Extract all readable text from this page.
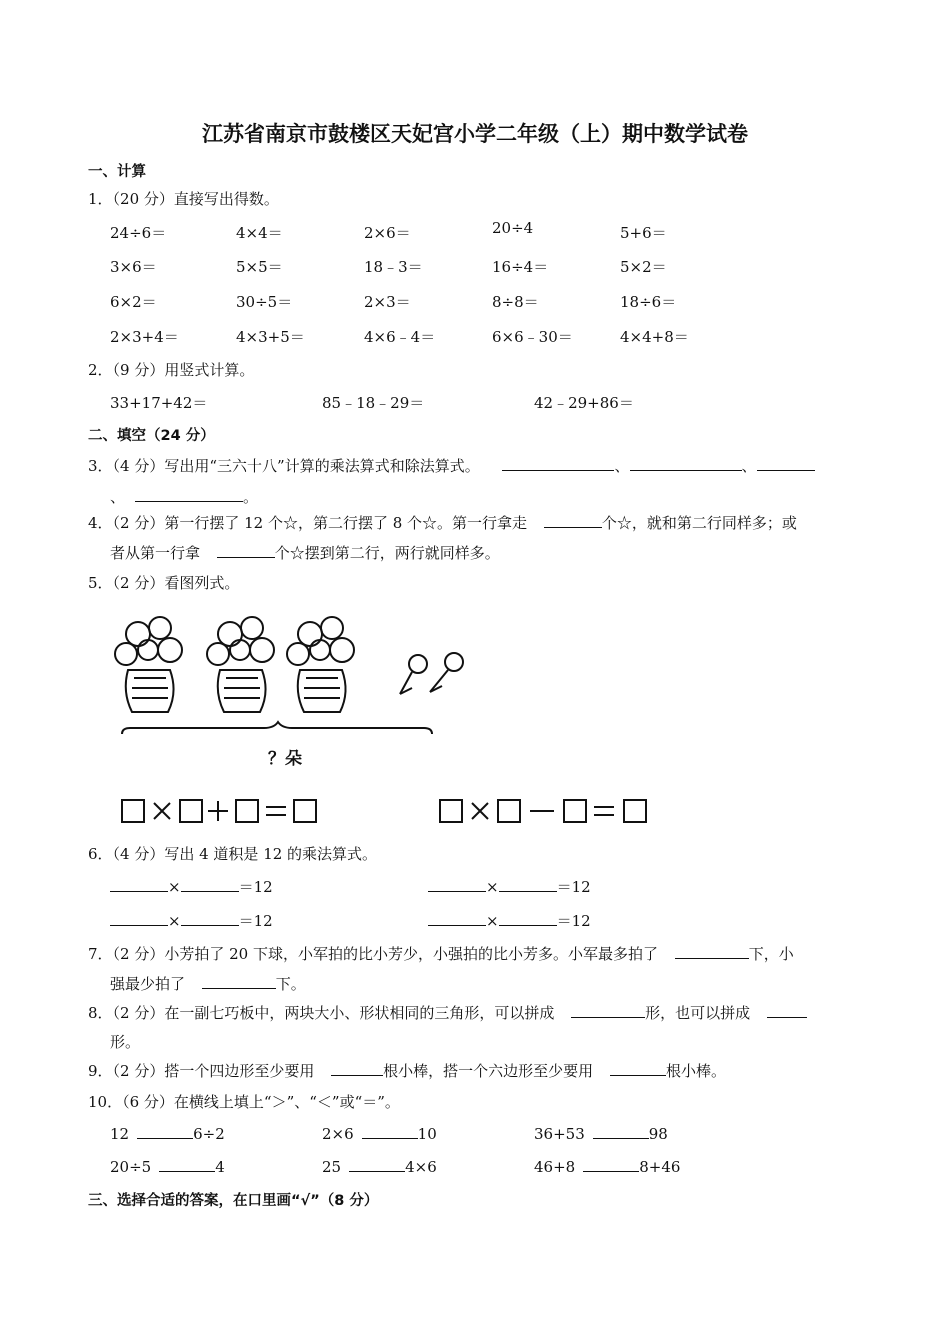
江苏省南京市鼓楼区天妃宫小学二年级（上）期中数学试卷
一、计算
1．（20 分）直接写出得数。
24÷6＝	4×4＝	2×6＝	20÷4	5+6＝
3×6＝	5×5＝	18﹣3＝	16÷4＝	5×2＝
6×2＝	30÷5＝	2×3＝	8÷8＝	18÷6＝
2×3+4＝	4×3+5＝	4×6﹣4＝	6×6﹣30＝	4×4+8＝
2．（9 分）用竖式计算。
33+17+42＝	85﹣18﹣29＝	42﹣29+86＝
二、填空（24 分）
3．（4 分）写出用“三六十八”计算的乘法算式和除法算式。	、	、
、	。
4．（2 分）第一行摆了 12 个☆，第二行摆了 8 个☆。第一行拿走	个☆，就和第二行同样多；或
者从第一行拿	个☆摆到第二行，两行就同样多。
5．（2 分）看图列式。
？朵
6．（4 分）写出 4 道积是 12 的乘法算式。
×	＝12	×	＝12
×	＝12	×	＝12
7．（2 分）小芳拍了 20 下球，小军拍的比小芳少，小强拍的比小芳多。小军最多拍了	下，小
强最少拍了	下。
8．（2 分）在一副七巧板中，两块大小、形状相同的三角形，可以拼成	形，也可以拼成
形。
9．（2 分）搭一个四边形至少要用	根小棒，搭一个六边形至少要用	根小棒。
10．（6 分）在横线上填上“＞”、“＜”或“＝”。
12	6÷2	2×6	10	36+53	98
20÷5	4	25	4×6	46+8	8+46
三、选择合适的答案，在口里画“√”（8 分）
